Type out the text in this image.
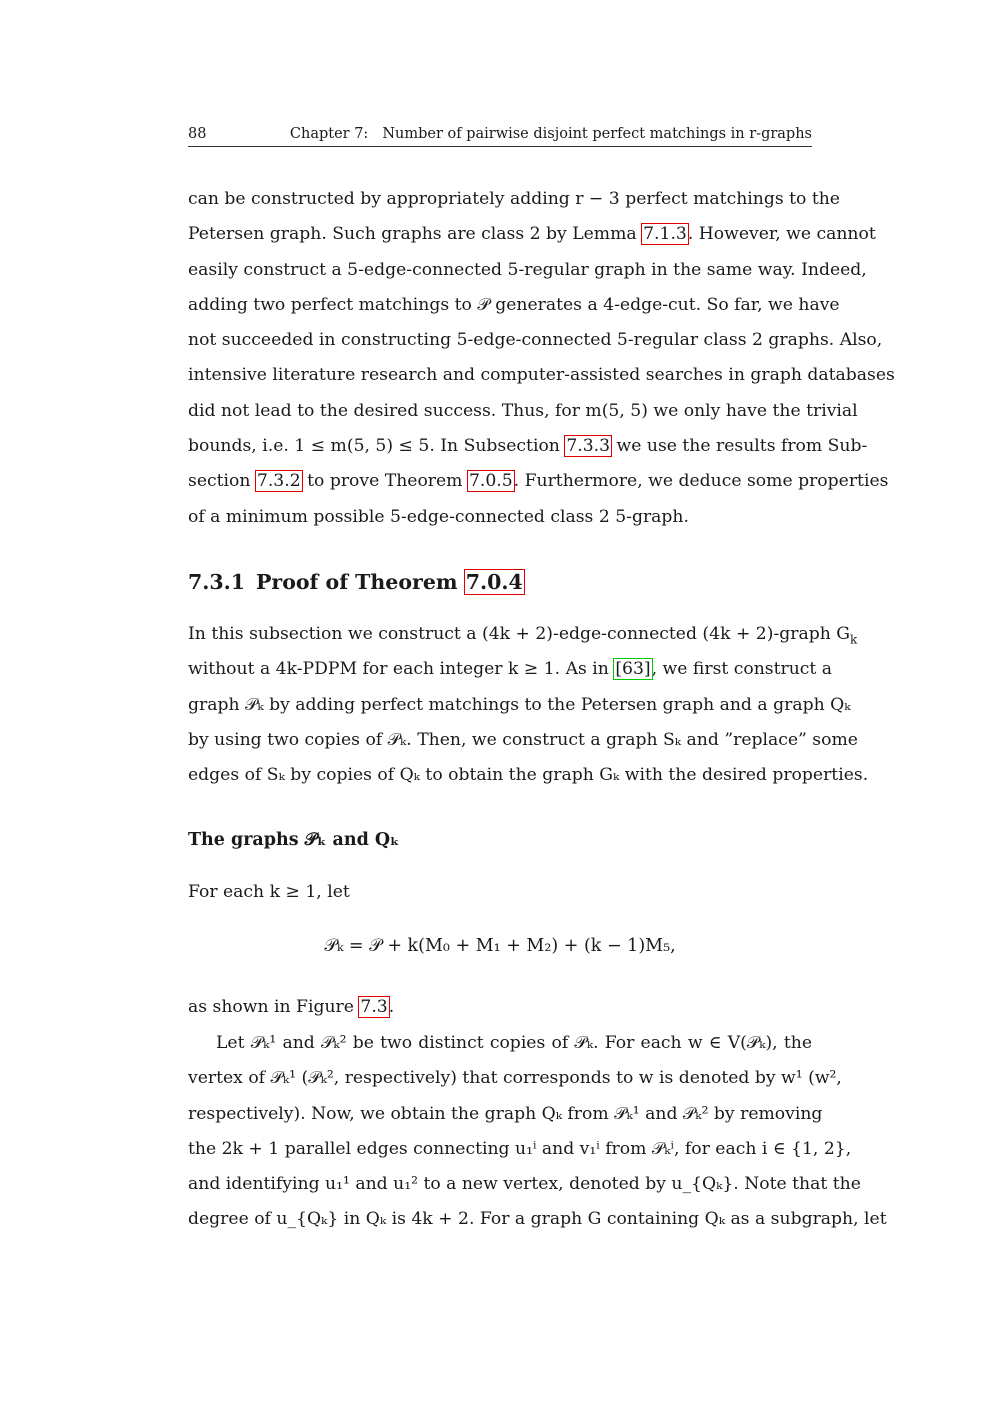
88	Chapter 7: Number of pairwise disjoint perfect matchings in r-graphs
can be constructed by appropriately adding r − 3 perfect matchings to the
Petersen graph. Such graphs are class 2 by Lemma 7.1.3. However, we cannot
easily construct a 5-edge-connected 5-regular graph in the same way. Indeed,
adding two perfect matchings to 𝒫 generates a 4-edge-cut. So far, we have
not succeeded in constructing 5-edge-connected 5-regular class 2 graphs. Also,
intensive literature research and computer-assisted searches in graph databases
did not lead to the desired success. Thus, for m(5, 5) we only have the trivial
bounds, i.e. 1 ≤ m(5, 5) ≤ 5. In Subsection 7.3.3 we use the results from Sub-
section 7.3.2 to prove Theorem 7.0.5. Furthermore, we deduce some properties
of a minimum possible 5-edge-connected class 2 5-graph.
7.3.1 Proof of Theorem 7.0.4
In this subsection we construct a (4k + 2)-edge-connected (4k + 2)-graph $G_k$
without a 4k-PDPM for each integer k ≥ 1. As in [63], we first construct a
graph 𝒫ₖ by adding perfect matchings to the Petersen graph and a graph Qₖ
by using two copies of 𝒫ₖ. Then, we construct a graph Sₖ and ”replace” some
edges of Sₖ by copies of Qₖ to obtain the graph Gₖ with the desired properties.
The graphs 𝒫ₖ and Qₖ
For each k ≥ 1, let
𝒫ₖ = 𝒫 + k(M₀ + M₁ + M₂) + (k − 1)M₅,
as shown in Figure 7.3.
Let 𝒫ₖ¹ and 𝒫ₖ² be two distinct copies of 𝒫ₖ. For each w ∈ V(𝒫ₖ), the
vertex of 𝒫ₖ¹ (𝒫ₖ², respectively) that corresponds to w is denoted by w¹ (w²,
respectively). Now, we obtain the graph Qₖ from 𝒫ₖ¹ and 𝒫ₖ² by removing
the 2k + 1 parallel edges connecting u₁ⁱ and v₁ⁱ from 𝒫ₖⁱ, for each i ∈ {1, 2},
and identifying u₁¹ and u₁² to a new vertex, denoted by u_{Qₖ}. Note that the
degree of u_{Qₖ} in Qₖ is 4k + 2. For a graph G containing Qₖ as a subgraph, let
